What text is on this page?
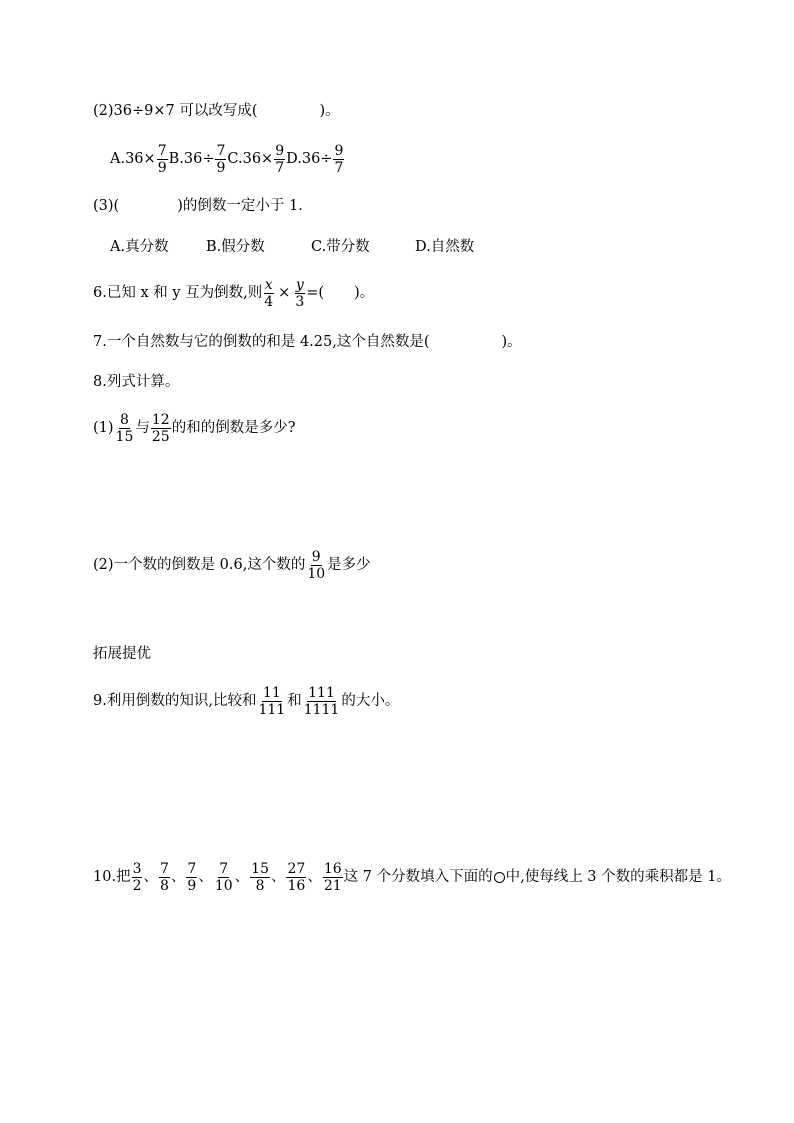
(2)36÷9×7 可以改写成(	)。
$A.36\times \frac{7}{9} B.36\div \frac{7}{9} C.36\times \frac{9}{7} D.36\div \frac{9}{7}$
(3)(	)的倒数一定小于 1.
A.真分数	B.假分数	C.带分数	D.自然数
6.已知 x 和 y 互为倒数,则 $\frac{x}{4} \times \frac{y}{3}$ =( )。
7.一个自然数与它的倒数的和是 4.25,这个自然数是(	)。
8.列式计算。
$(1) \frac{8}{15}$ 与 $\frac{12}{25}$ 的和的倒数是多少?
(2)一个数的倒数是 0.6,这个数的 $\frac{9}{10}$ 是多少
拓展提优
9.利用倒数的知识,比较和 $\frac{11}{111}$ 和 $\frac{111}{1111}$ 的大小。
10.把 $\frac{3}{2}$ 、 $\frac{7}{8}$ 、 $\frac{7}{9}$ 、 $\frac{7}{10}$ 、 $\frac{15}{8}$ 、 $\frac{27}{16}$ 、 $\frac{16}{21}$ 这 7 个分数填入下面的 中,使每线上 3 个数的乘积都是 1。
